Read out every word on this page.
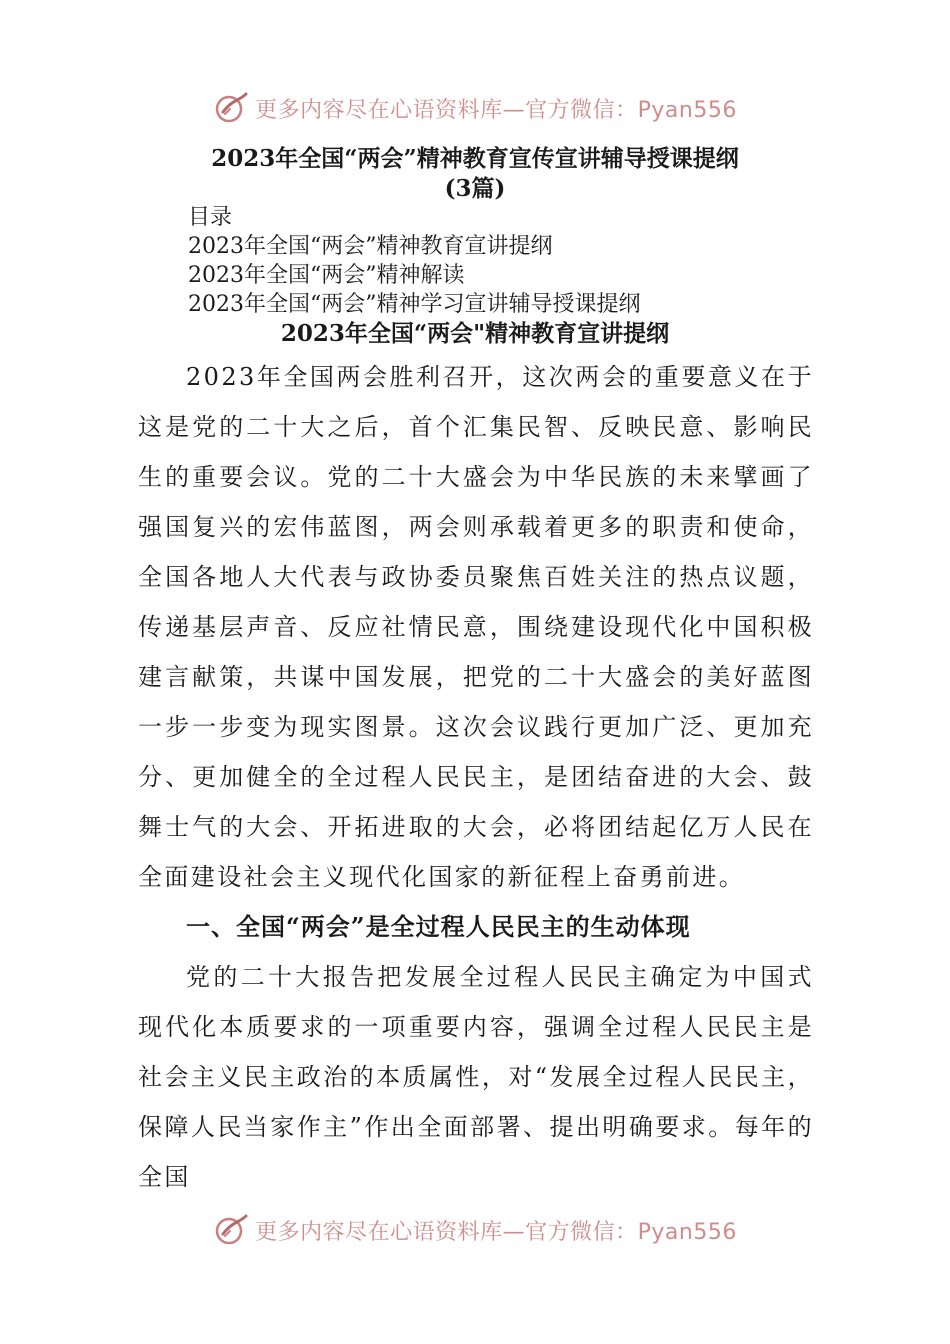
更多内容尽在心语资料库—官方微信：Pyan556
2023年全国“两会”精神教育宣传宣讲辅导授课提纲
(3篇)
目录
2023年全国“两会”精神教育宣讲提纲
2023年全国“两会”精神解读
2023年全国“两会”精神学习宣讲辅导授课提纲
2023年全国“两会"精神教育宣讲提纲

2023年全国两会胜利召开，这次两会的重要意义在于这是党的二十大之后，首个汇集民智、反映民意、影响民生的重要会议。党的二十大盛会为中华民族的未来擘画了强国复兴的宏伟蓝图，两会则承载着更多的职责和使命，全国各地人大代表与政协委员聚焦百姓关注的热点议题，传递基层声音、反应社情民意，围绕建设现代化中国积极建言献策，共谋中国发展，把党的二十大盛会的美好蓝图一步一步变为现实图景。这次会议践行更加广泛、更加充分、更加健全的全过程人民民主，是团结奋进的大会、鼓舞士气的大会、开拓进取的大会，必将团结起亿万人民在全面建设社会主义现代化国家的新征程上奋勇前进。

一、全国“两会”是全过程人民民主的生动体现

党的二十大报告把发展全过程人民民主确定为中国式现代化本质要求的一项重要内容，强调全过程人民民主是社会主义民主政治的本质属性，对“发展全过程人民民主，保障人民当家作主”作出全面部署、提出明确要求。每年的全国

更多内容尽在心语资料库—官方微信：Pyan556
